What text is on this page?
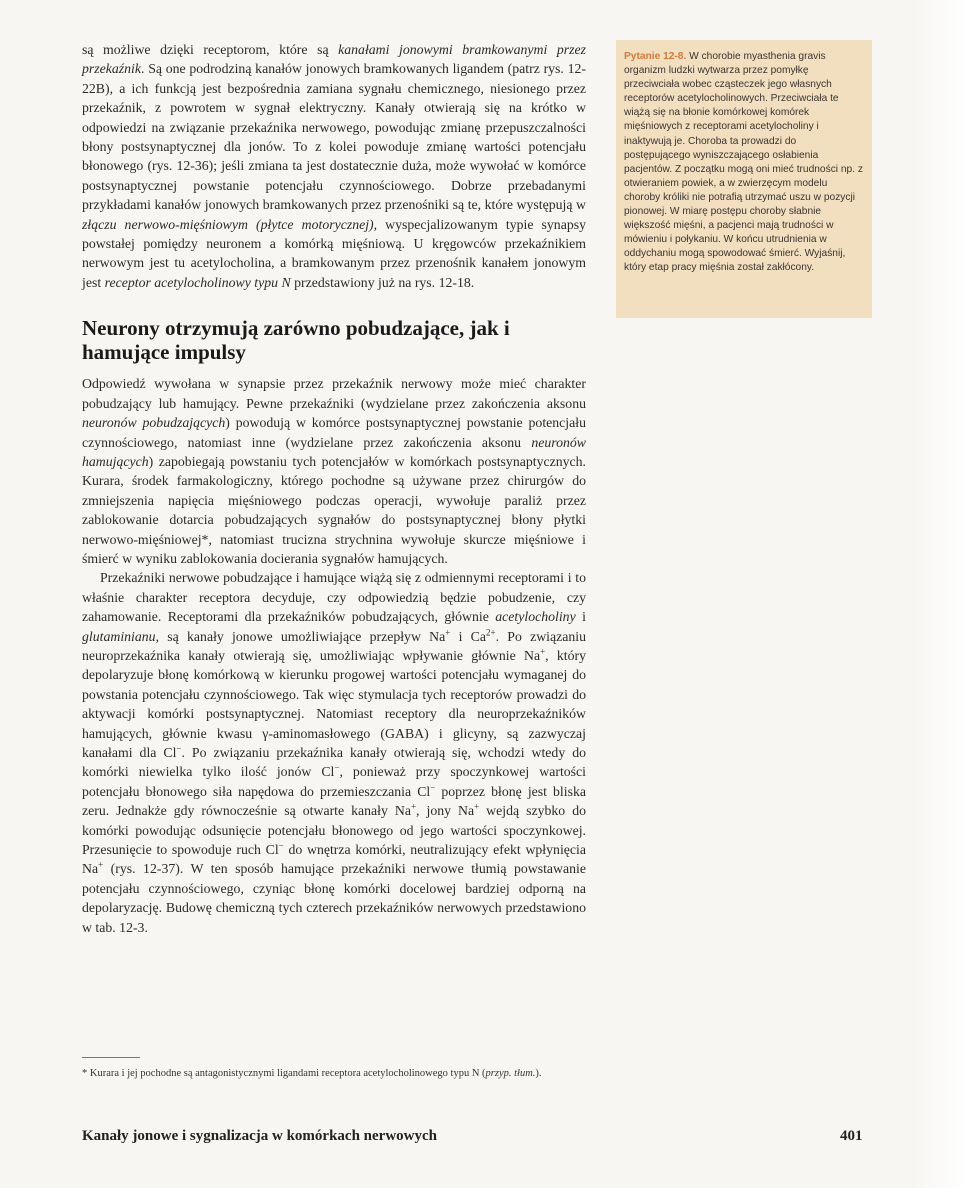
są możliwe dzięki receptorom, które są kanałami jonowymi bramkowanymi przez przekaźnik. Są one podrodziną kanałów jonowych bramkowanych ligandem (patrz rys. 12-22B), a ich funkcją jest bezpośrednia zamiana sygnału chemicznego, niesionego przez przekaźnik, z powrotem w sygnał elektryczny. Kanały otwierają się na krótko w odpowiedzi na związanie przekaźnika nerwowego, powodując zmianę przepuszczalności błony postsynaptycznej dla jonów. To z kolei powoduje zmianę wartości potencjału błonowego (rys. 12-36); jeśli zmiana ta jest dostatecznie duża, może wywołać w komórce postsynaptycznej powstanie potencjału czynnościowego. Dobrze przebadanymi przykładami kanałów jonowych bramkowanych przez przenośniki są te, które występują w złączu nerwowo-mięśniowym (płytce motorycznej), wyspecjalizowanym typie synapsy powstałej pomiędzy neuronem a komórką mięśniową. U kręgowców przekaźnikiem nerwowym jest tu acetylocholina, a bramkowanym przez przenośnik kanałem jonowym jest receptor acetylocholinowy typu N przedstawiony już na rys. 12-18.

Neurony otrzymują zarówno pobudzające, jak i hamujące impulsy

Odpowiedź wywołana w synapsie przez przekaźnik nerwowy może mieć charakter pobudzający lub hamujący. Pewne przekaźniki (wydzielane przez zakończenia aksonu neuronów pobudzających) powodują w komórce postsynaptycznej powstanie potencjału czynnościowego, natomiast inne (wydzielane przez zakończenia aksonu neuronów hamujących) zapobiegają powstaniu tych potencjałów w komórkach postsynaptycznych. Kurara, środek farmakologiczny, którego pochodne są używane przez chirurgów do zmniejszenia napięcia mięśniowego podczas operacji, wywołuje paraliż przez zablokowanie dotarcia pobudzających sygnałów do postsynaptycznej błony płytki nerwowo-mięśniowej*, natomiast trucizna strychnina wywołuje skurcze mięśniowe i śmierć w wyniku zablokowania docierania sygnałów hamujących.

Przekaźniki nerwowe pobudzające i hamujące wiążą się z odmiennymi receptorami i to właśnie charakter receptora decyduje, czy odpowiedzią będzie pobudzenie, czy zahamowanie. Receptorami dla przekaźników pobudzających, głównie acetylocholiny i glutaminianu, są kanały jonowe umożliwiające przepływ Na+ i $Ca^{2+}$. Po związaniu neuroprzekaźnika kanały otwierają się, umożliwiając wpływanie głównie Na+, który depolaryzuje błonę komórkową w kierunku progowej wartości potencjału wymaganej do powstania potencjału czynnościowego. Tak więc stymulacja tych receptorów prowadzi do aktywacji komórki postsynaptycznej. Natomiast receptory dla neuroprzekaźników hamujących, głównie kwasu γ-aminomasłowego (GABA) i glicyny, są zazwyczaj kanałami dla Cl−. Po związaniu przekaźnika kanały otwierają się, wchodzi wtedy do komórki niewielka tylko ilość jonów Cl−, ponieważ przy spoczynkowej wartości potencjału błonowego siła napędowa do przemieszczania Cl− poprzez błonę jest bliska zeru. Jednakże gdy równocześnie są otwarte kanały Na+, jony Na+ wejdą szybko do komórki powodując odsunięcie potencjału błonowego od jego wartości spoczynkowej. Przesunięcie to spowoduje ruch Cl− do wnętrza komórki, neutralizujący efekt wpłynięcia Na+ (rys. 12-37). W ten sposób hamujące przekaźniki nerwowe tłumią powstawanie potencjału czynnościowego, czyniąc błonę komórki docelowej bardziej odporną na depolaryzację. Budowę chemiczną tych czterech przekaźników nerwowych przedstawiono w tab. 12-3.

Pytanie 12-8. W chorobie myasthenia gravis organizm ludzki wytwarza przez pomyłkę przeciwciała wobec cząsteczek jego własnych receptorów acetylocholinowych. Przeciwciała te wiążą się na błonie komórkowej komórek mięśniowych z receptorami acetylocholiny i inaktywują je. Choroba ta prowadzi do postępującego wyniszczającego osłabienia pacjentów. Z początku mogą oni mieć trudności np. z otwieraniem powiek, a w zwierzęcym modelu choroby króliki nie potrafią utrzymać uszu w pozycji pionowej. W miarę postępu choroby słabnie większość mięśni, a pacjenci mają trudności w mówieniu i połykaniu. W końcu utrudnienia w oddychaniu mogą spowodować śmierć. Wyjaśnij, który etap pracy mięśnia został zakłócony.
* Kurara i jej pochodne są antagonistycznymi ligandami receptora acetylocholinowego typu N (przyp. tłum.).
Kanały jonowe i sygnalizacja w komórkach nerwowych	401
